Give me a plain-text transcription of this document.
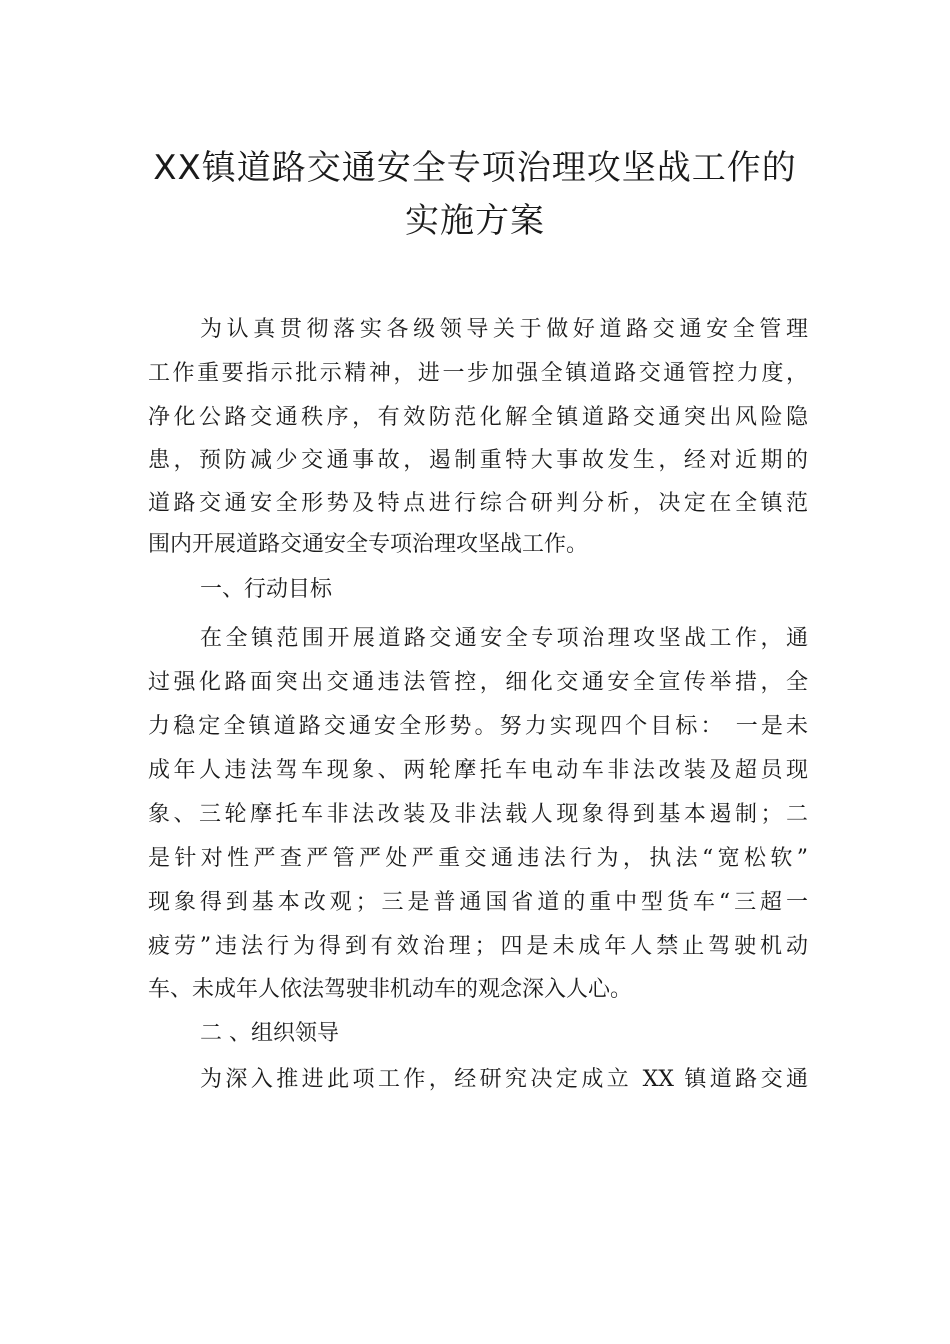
XX镇道路交通安全专项治理攻坚战工作的
实施方案

为认真贯彻落实各级领导关于做好道路交通安全管理

工作重要指示批示精神，进一步加强全镇道路交通管控力度，

净化公路交通秩序，有效防范化解全镇道路交通突出风险隐

患，预防减少交通事故，遏制重特大事故发生，经对近期的

道路交通安全形势及特点进行综合研判分析，决定在全镇范

围内开展道路交通安全专项治理攻坚战工作。

一、行动目标

在全镇范围开展道路交通安全专项治理攻坚战工作，通

过强化路面突出交通违法管控，细化交通安全宣传举措，全

力稳定全镇道路交通安全形势。努力实现四个目标： 一是未

成年人违法驾车现象、两轮摩托车电动车非法改装及超员现

象、三轮摩托车非法改装及非法载人现象得到基本遏制；二

是针对性严查严管严处严重交通违法行为，执法“宽松软”

现象得到基本改观；三是普通国省道的重中型货车“三超一

疲劳”违法行为得到有效治理；四是未成年人禁止驾驶机动

车、未成年人依法驾驶非机动车的观念深入人心。

二 、组织领导

为深入推进此项工作，经研究决定成立 XX 镇道路交通
